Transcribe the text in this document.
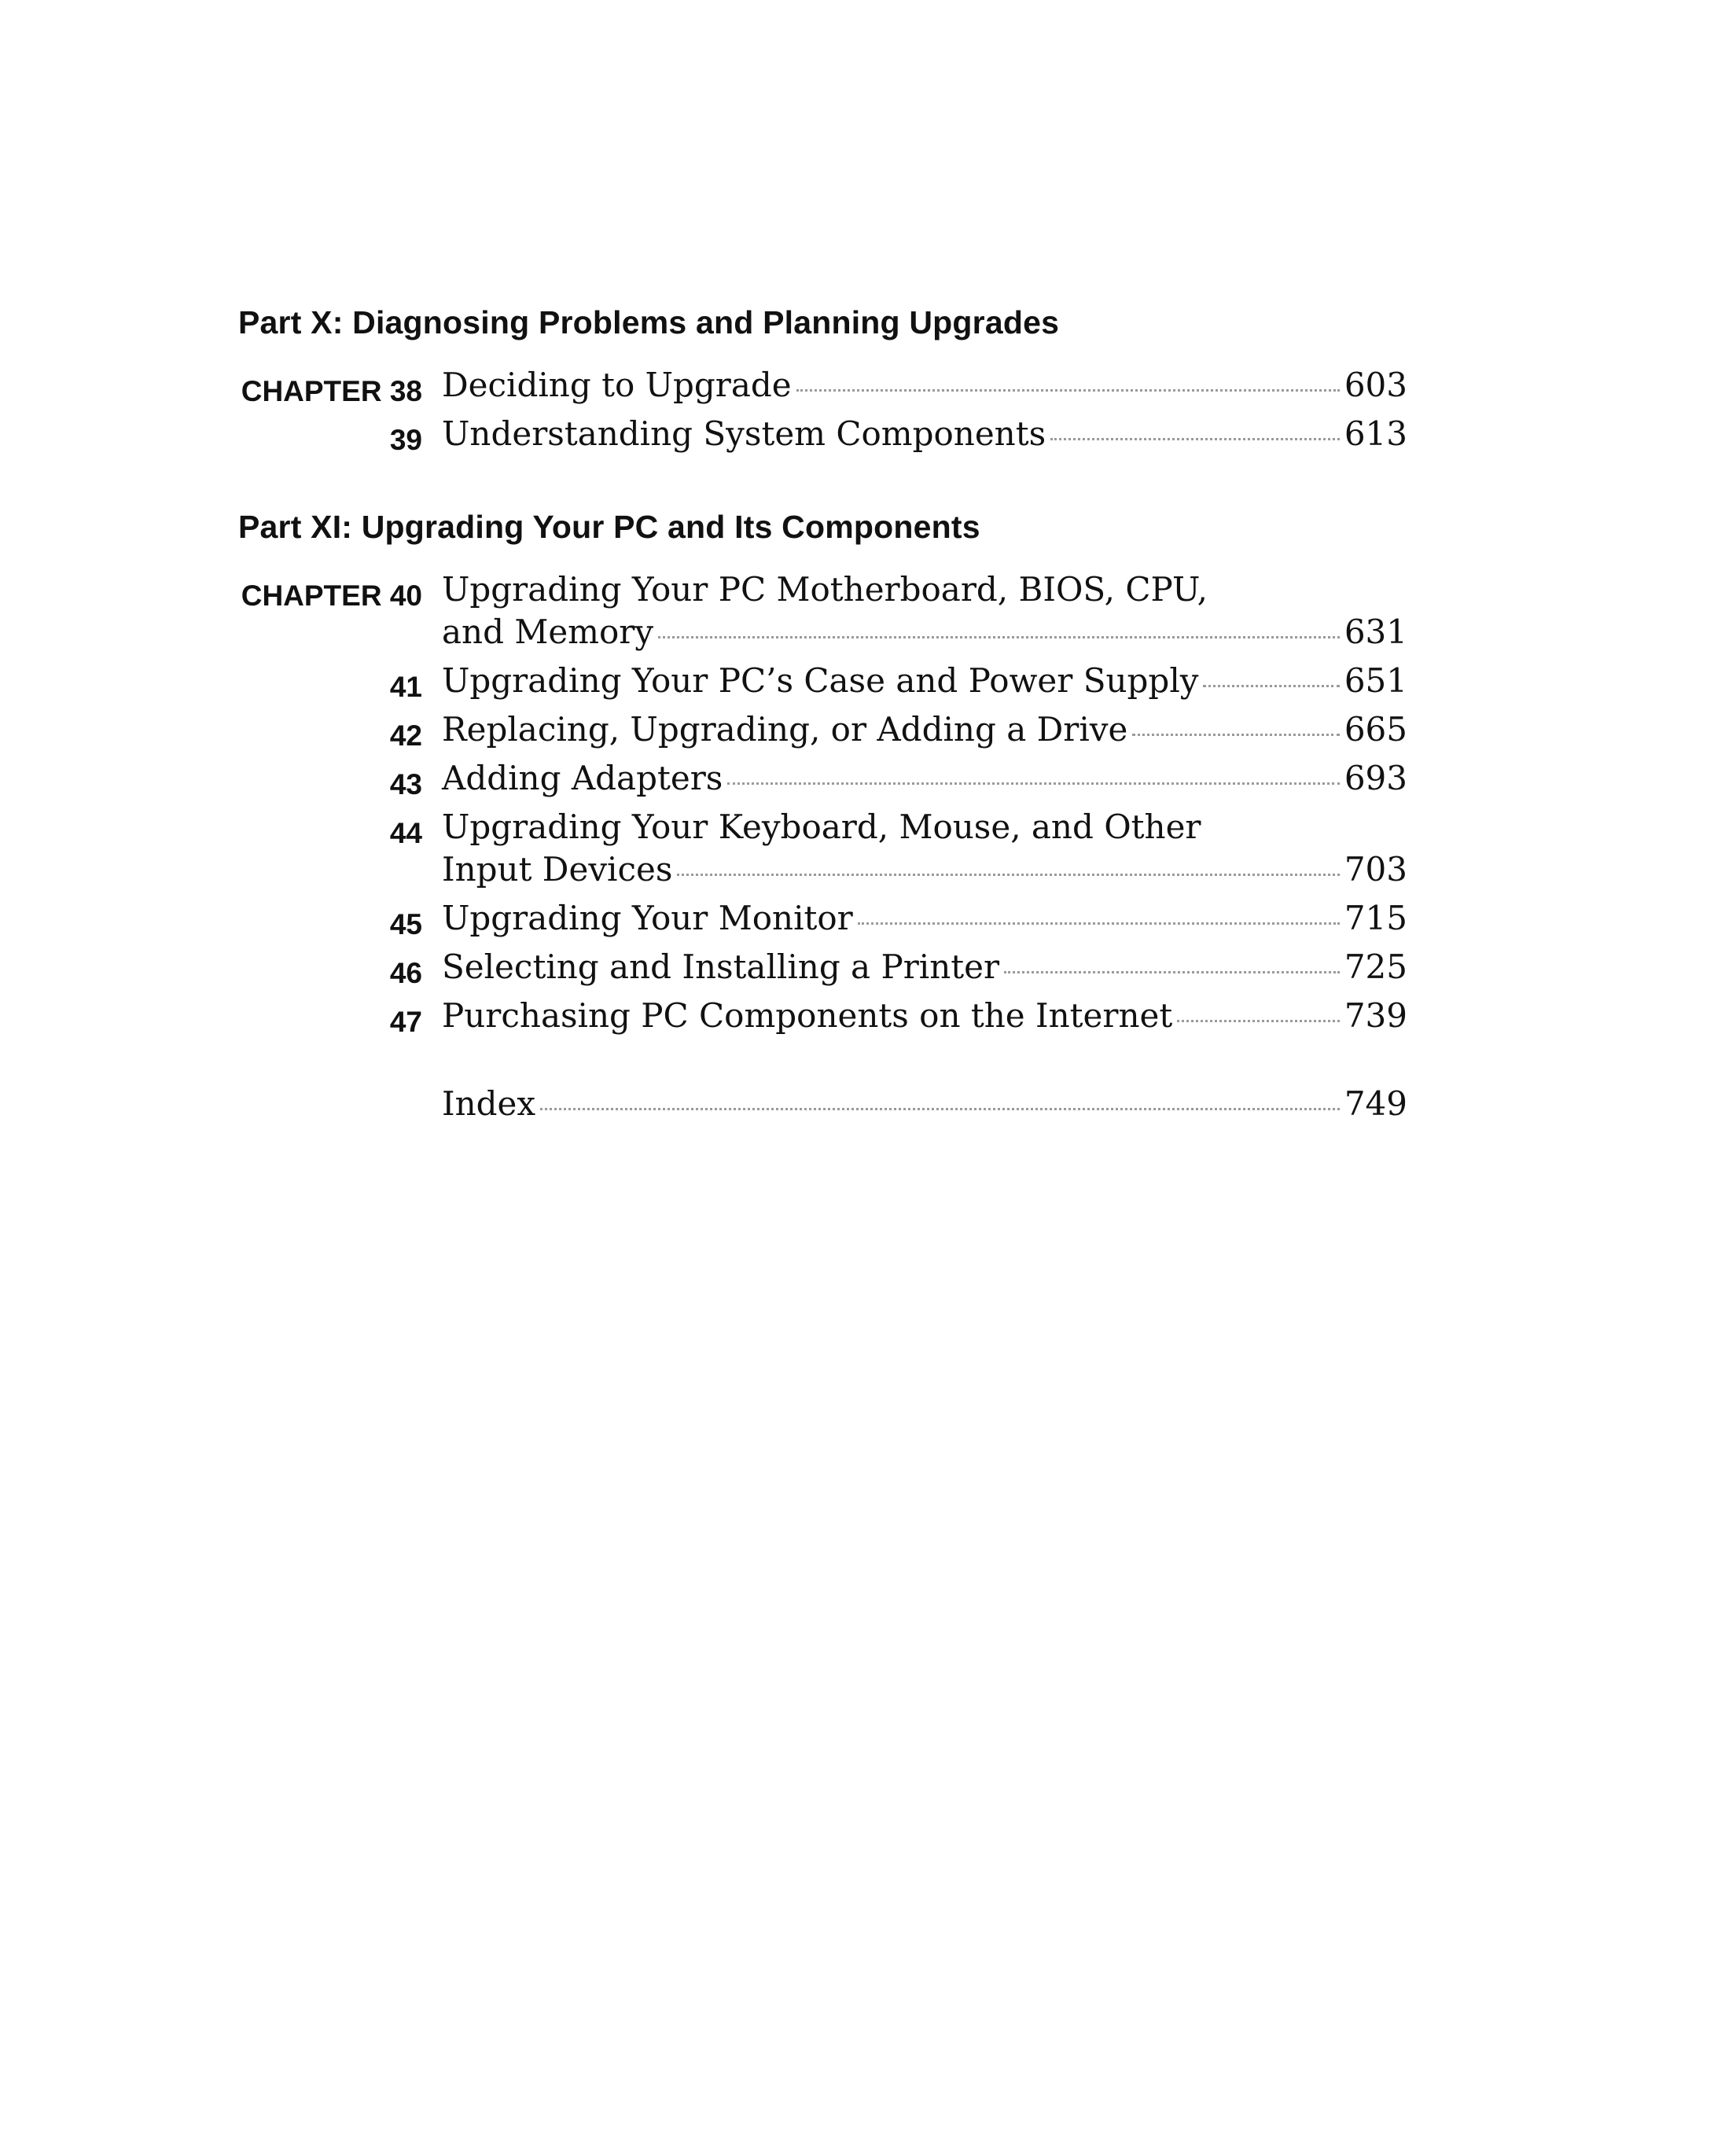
Part X: Diagnosing Problems and Planning Upgrades
CHAPTER 38 Deciding to Upgrade	603
39 Understanding System Components	613
Part XI: Upgrading Your PC and Its Components
CHAPTER 40 Upgrading Your PC Motherboard, BIOS, CPU,
and Memory	631
41 Upgrading Your PC’s Case and Power Supply	651
42 Replacing, Upgrading, or Adding a Drive	665
43 Adding Adapters	693
44 Upgrading Your Keyboard, Mouse, and Other
Input Devices	703
45 Upgrading Your Monitor	715
46 Selecting and Installing a Printer	725
47 Purchasing PC Components on the Internet	739
Index	749
